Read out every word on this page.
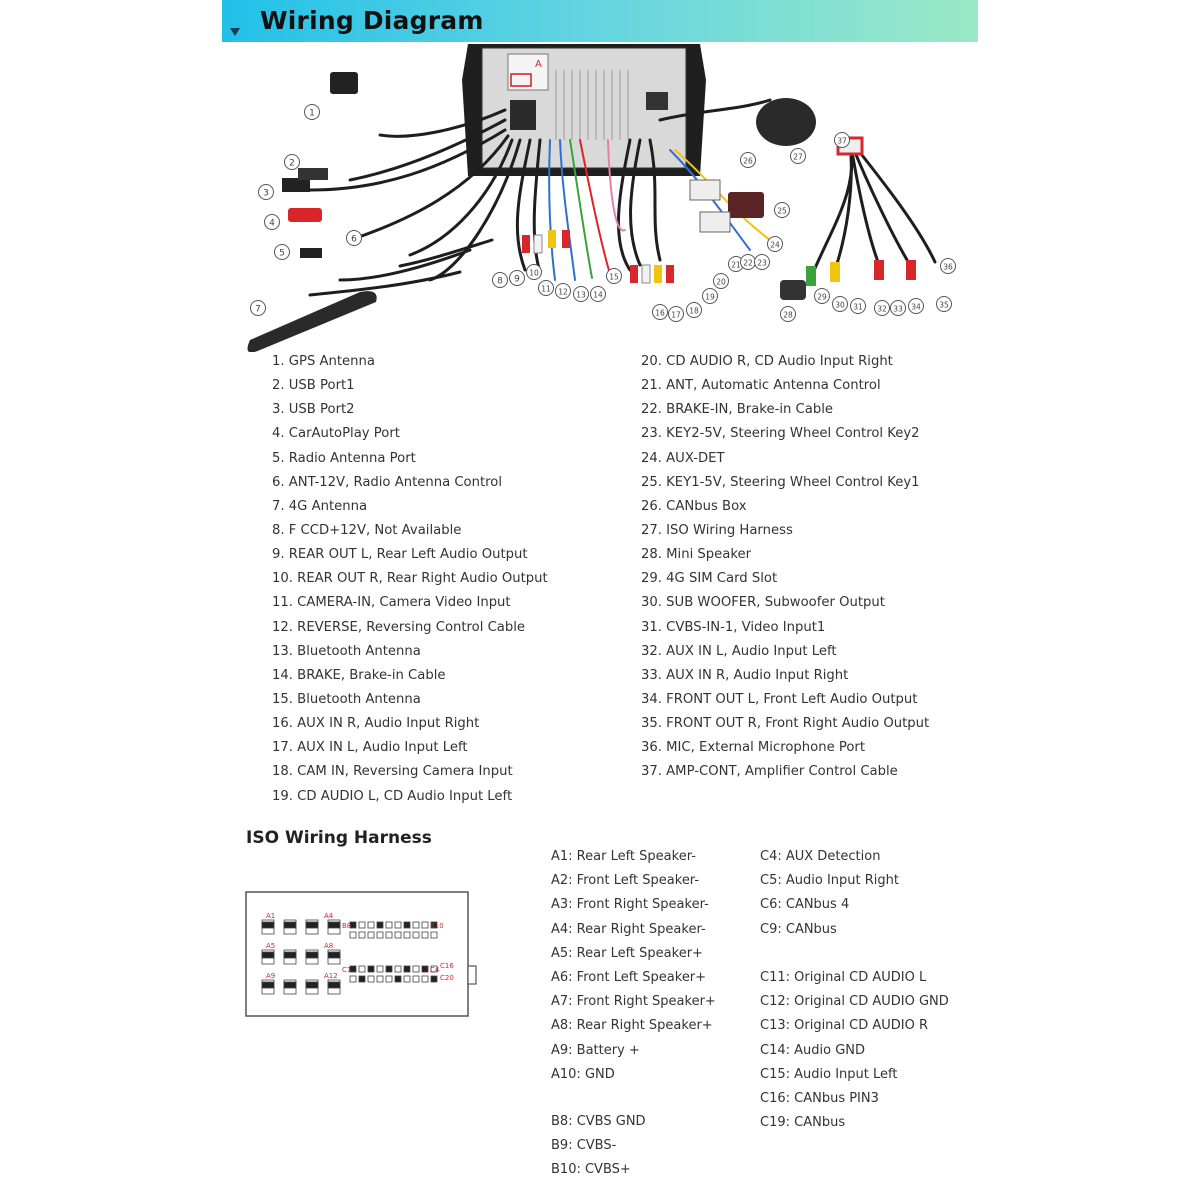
Wiring Diagram
1
2
3
4
5
6
7
8 9
10
11 12 13 14
15
16 17 18
19
20
21 22 23
24
25
26	27
28
29
30 31 32 33 34 35
36
37
A
1. GPS Antenna
2. USB Port1
3. USB Port2
4. CarAutoPlay Port
5. Radio Antenna Port
6. ANT-12V, Radio Antenna Control
7. 4G Antenna
8. F CCD+12V, Not Available
9. REAR OUT L, Rear Left Audio Output
10. REAR OUT R, Rear Right Audio Output
11. CAMERA-IN, Camera Video Input
12. REVERSE, Reversing Control Cable
13. Bluetooth Antenna
14. BRAKE, Brake-in Cable
15. Bluetooth Antenna
16. AUX IN R, Audio Input Right
17. AUX IN L, Audio Input Left
18. CAM IN, Reversing Camera Input
19. CD AUDIO L, CD Audio Input Left
20. CD AUDIO R, CD Audio Input Right
21. ANT, Automatic Antenna Control
22. BRAKE-IN, Brake-in Cable
23. KEY2-5V, Steering Wheel Control Key2
24. AUX-DET
25. KEY1-5V, Steering Wheel Control Key1
26. CANbus Box
27. ISO Wiring Harness
28. Mini Speaker
29. 4G SIM Card Slot
30. SUB WOOFER, Subwoofer Output
31. CVBS-IN-1, Video Input1
32. AUX IN L, Audio Input Left
33. AUX IN R, Audio Input Right
34. FRONT OUT L, Front Left Audio Output
35. FRONT OUT R, Front Right Audio Output
36. MIC, External Microphone Port
37. AMP-CONT, Amplifier Control Cable
ISO Wiring Harness
A1	A4
A5	A8
A9	A12
B8	B10
C1	C4 C16
C20
A1: Rear Left Speaker-
A2: Front Left Speaker-
A3: Front Right Speaker-
A4: Rear Right Speaker-
A5: Rear Left Speaker+
A6: Front Left Speaker+
A7: Front Right Speaker+
A8: Rear Right Speaker+
A9: Battery +
A10: GND
B8: CVBS GND
B9: CVBS-
B10: CVBS+
C4: AUX Detection
C5: Audio Input Right
C6: CANbus 4
C9: CANbus
C11: Original CD AUDIO L
C12: Original CD AUDIO GND
C13: Original CD AUDIO R
C14: Audio GND
C15: Audio Input Left
C16: CANbus PIN3
C19: CANbus
